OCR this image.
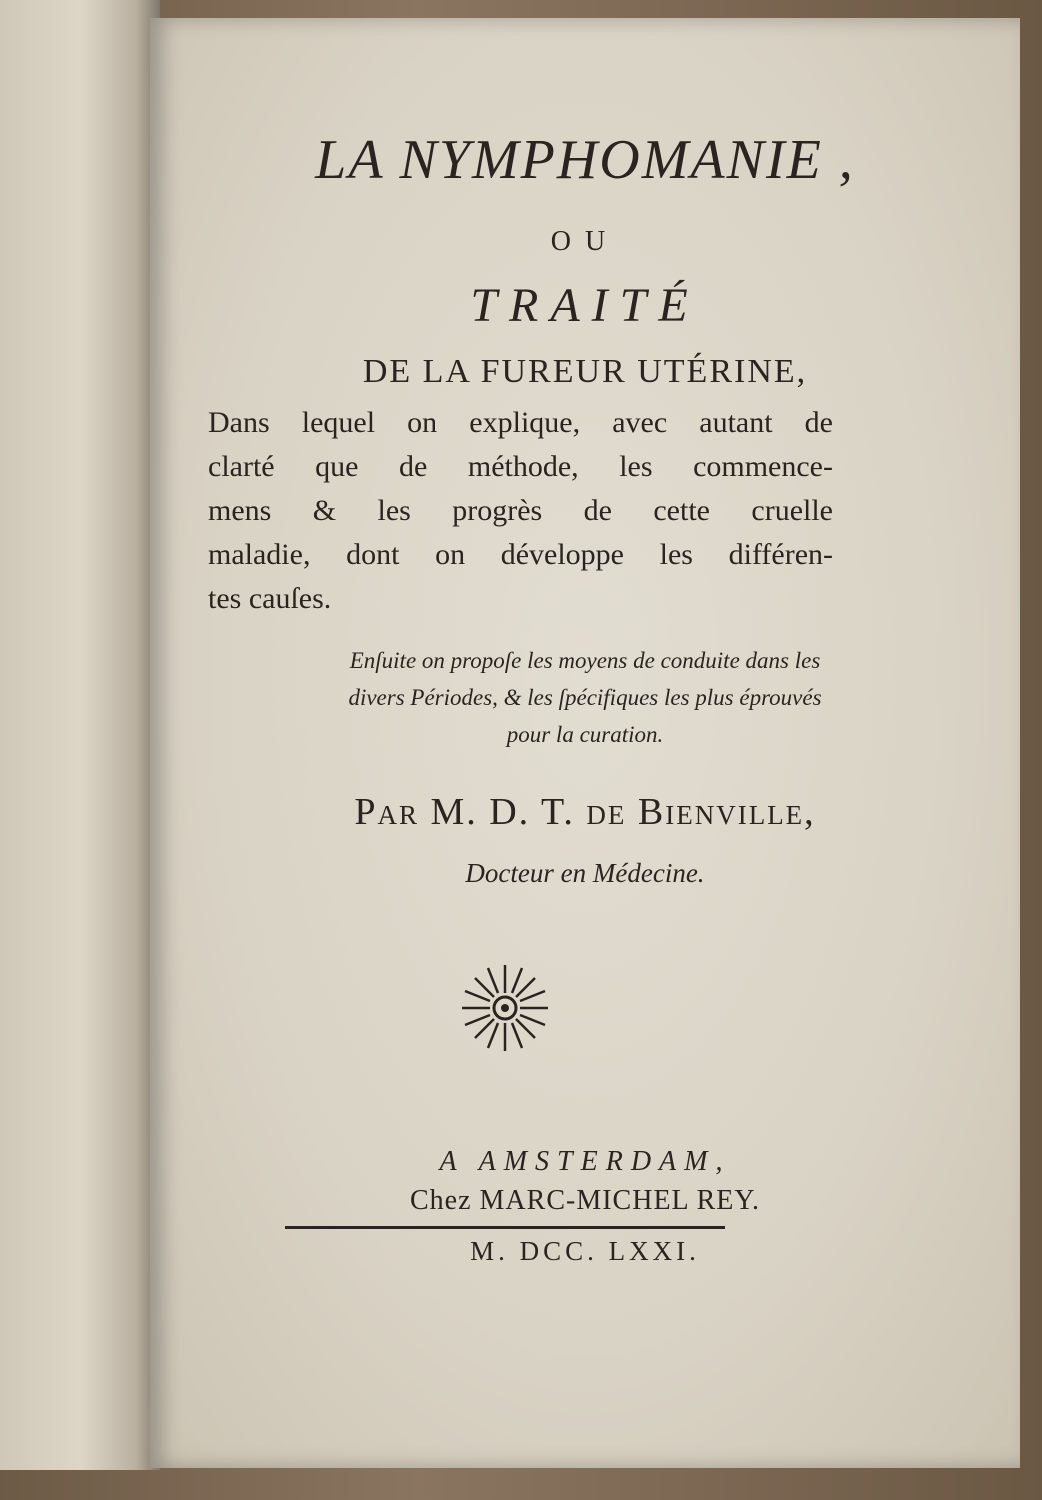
LA NYMPHOMANIE ,
OU
TRAITÉ
DE LA FUREUR UTÉRINE,
Dans lequel on explique, avec autant de
clarté que de méthode, les commence-
mens & les progrès de cette cruelle
maladie, dont on développe les différen-
tes cauſes.
Enſuite on propoſe les moyens de conduite dans les
divers Périodes, & les ſpécifiques les plus éprouvés
pour la curation.
Par M. D. T. de Bienville,
Docteur en Médecine.
A AMSTERDAM,
Chez MARC-MICHEL REY.
M. DCC. LXXI.
